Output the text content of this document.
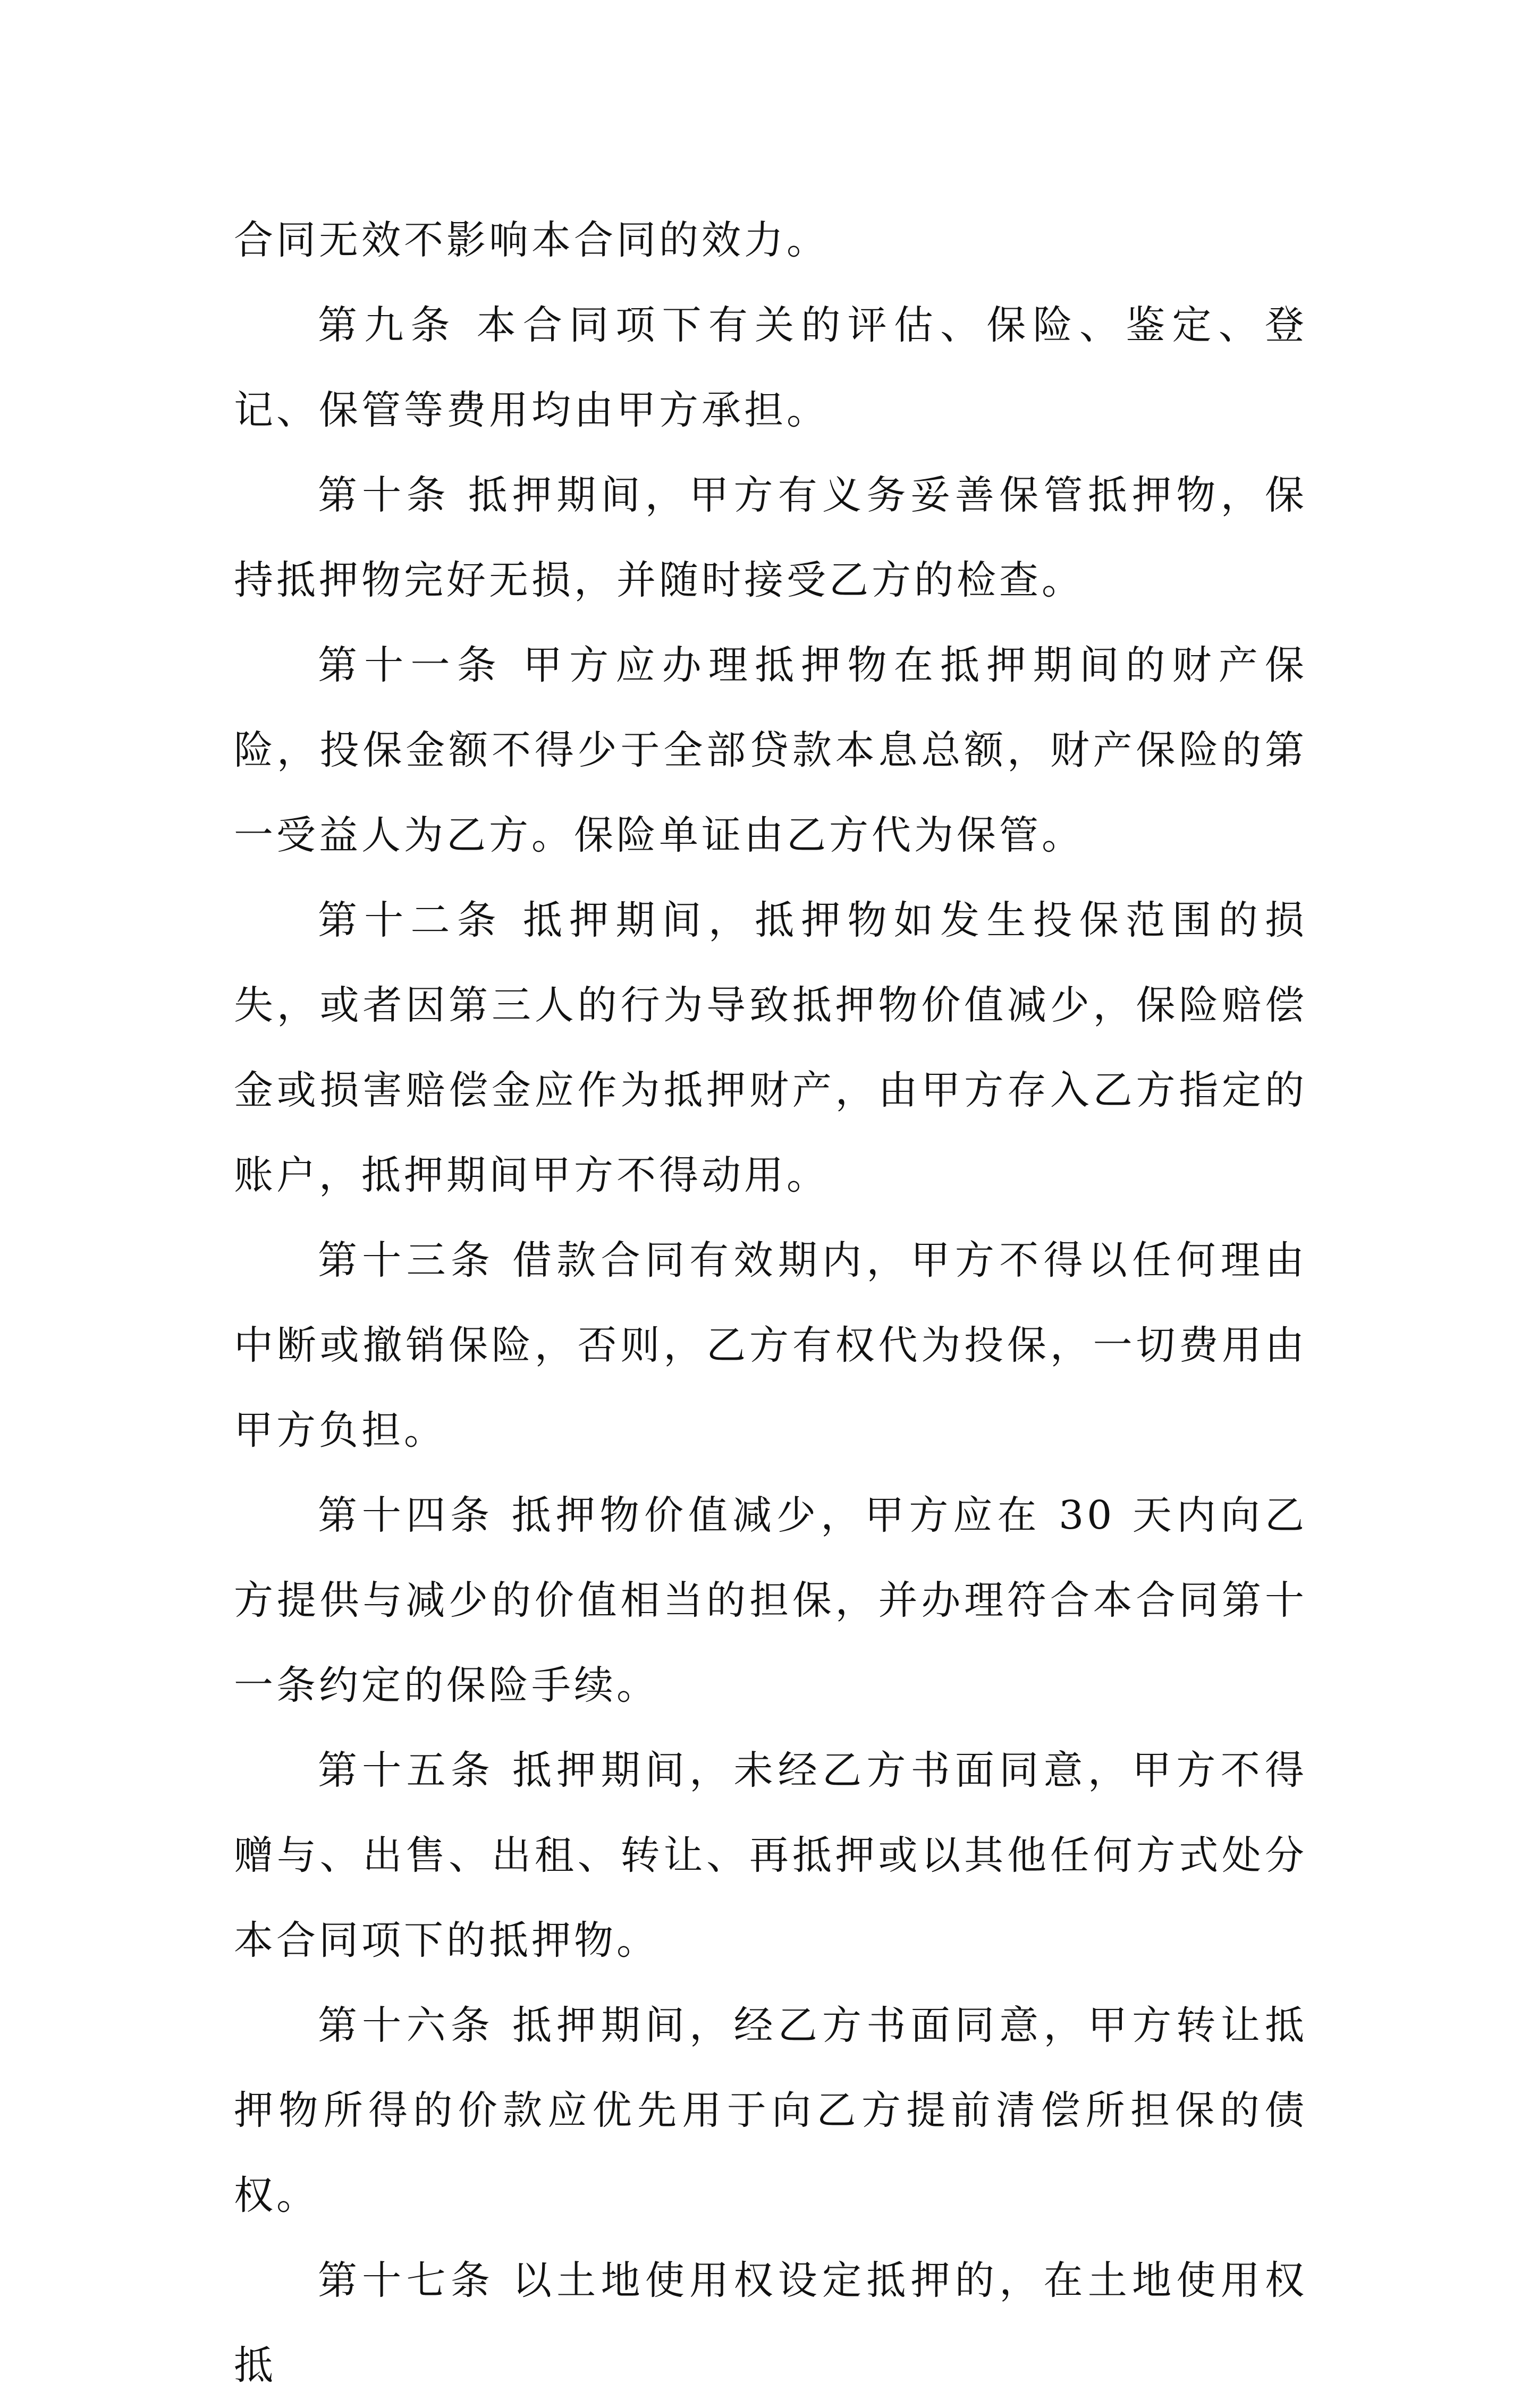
合同无效不影响本合同的效力。

第九条 本合同项下有关的评估、保险、鉴定、登记、保管等费用均由甲方承担。

第十条 抵押期间，甲方有义务妥善保管抵押物，保持抵押物完好无损，并随时接受乙方的检查。

第十一条 甲方应办理抵押物在抵押期间的财产保险，投保金额不得少于全部贷款本息总额，财产保险的第一受益人为乙方。保险单证由乙方代为保管。

第十二条 抵押期间，抵押物如发生投保范围的损失，或者因第三人的行为导致抵押物价值减少，保险赔偿金或损害赔偿金应作为抵押财产，由甲方存入乙方指定的账户，抵押期间甲方不得动用。

第十三条 借款合同有效期内，甲方不得以任何理由中断或撤销保险，否则，乙方有权代为投保，一切费用由甲方负担。

第十四条 抵押物价值减少，甲方应在 30 天内向乙方提供与减少的价值相当的担保，并办理符合本合同第十一条约定的保险手续。

第十五条 抵押期间，未经乙方书面同意，甲方不得赠与、出售、出租、转让、再抵押或以其他任何方式处分本合同项下的抵押物。

第十六条 抵押期间，经乙方书面同意，甲方转让抵押物所得的价款应优先用于向乙方提前清偿所担保的债权。

第十七条 以土地使用权设定抵押的，在土地使用权抵
